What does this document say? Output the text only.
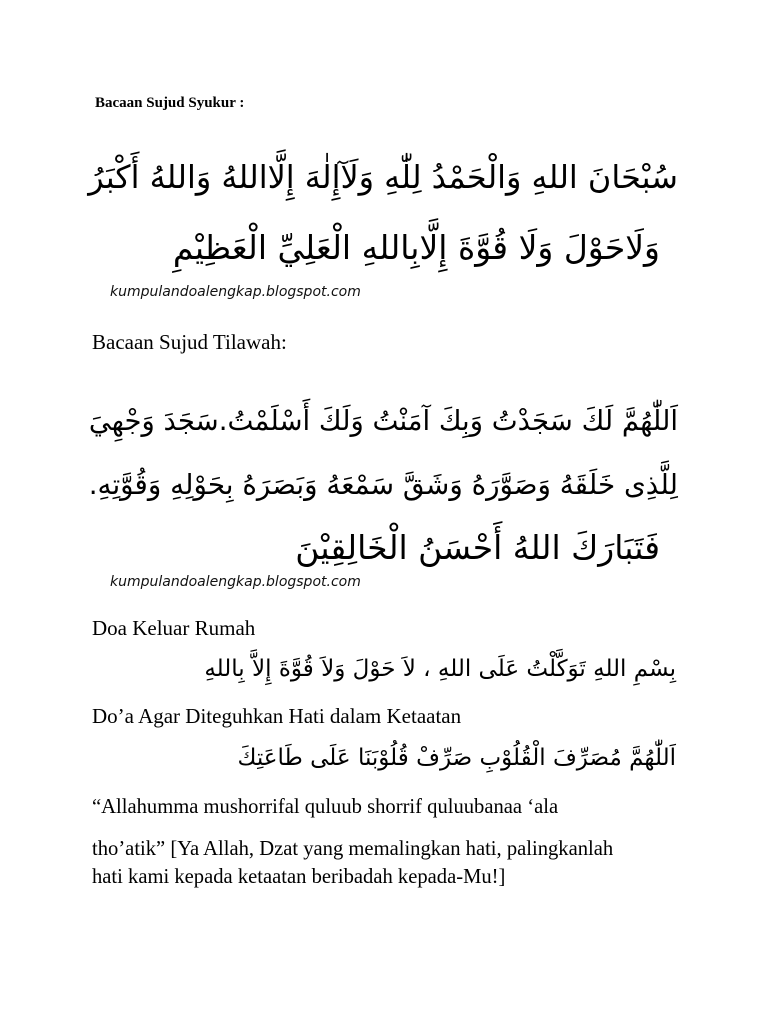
Bacaan Sujud Syukur :
سُبْحَانَ اللهِ وَالْحَمْدُ لِلّٰهِ وَلَآإِلٰهَ إِلَّااللهُ وَاللهُ أَكْبَرُ
وَلَاحَوْلَ وَلَا قُوَّةَ إِلَّابِاللهِ الْعَلِيِّ الْعَظِيْمِ
kumpulandoalengkap.blogspot.com
Bacaan Sujud Tilawah:
اَللّٰهُمَّ لَكَ سَجَدْتُ وَبِكَ آمَنْتُ وَلَكَ أَسْلَمْتُ.سَجَدَ وَجْهِيَ
لِلَّذِى خَلَقَهُ وَصَوَّرَهُ وَشَقَّ سَمْعَهُ وَبَصَرَهُ بِحَوْلِهِ وَقُوَّتِهِ.
فَتَبَارَكَ اللهُ أَحْسَنُ الْخَالِقِيْنَ
kumpulandoalengkap.blogspot.com
Doa Keluar Rumah
بِسْمِ اللهِ تَوَكَّلْتُ عَلَى اللهِ ، لاَ حَوْلَ وَلاَ قُوَّةَ إِلاَّ بِاللهِ
Do’a Agar Diteguhkan Hati dalam Ketaatan
اَللّٰهُمَّ مُصَرِّفَ الْقُلُوْبِ صَرِّفْ قُلُوْبَنَا عَلَى طَاعَتِكَ
“Allahumma mushorrifal quluub shorrif quluubanaa ‘ala
tho’atik” [Ya Allah, Dzat yang memalingkan hati, palingkanlah
hati kami kepada ketaatan beribadah kepada-Mu!]
